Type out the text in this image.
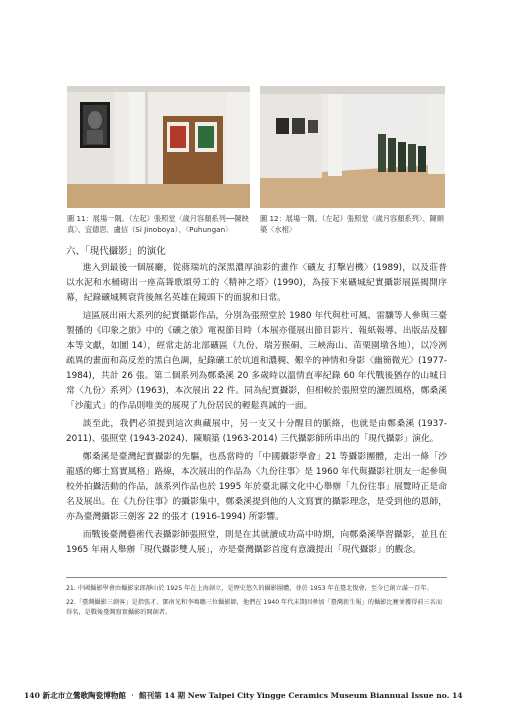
圖 11：展場一隅。（左起）張照堂〈歲月容顏系列──陳映真〉、宜德思．盧信（Si Jinoboya）、〈Puhungan〉
圖 12：展場一隅。（左起）張照堂〈歲月容顏系列〉、陳順築〈水相〉
六、「現代攝影」的演化

進入到最後一個展廳，從蔣瑞坑的深黑濃厚油彩的畫作〈礦友 打擊岩機〉(1989)，以及莊普以水泥和水桶砌出一座高聳歌頌勞工的〈精神之塔〉(1990)，為接下來礦城紀實攝影展區揭開序幕，紀錄礦城興衰背後無名英雄在鏡頭下的面貌和日常。

這區展出兩大系列的紀實攝影作品，分別為張照堂於 1980 年代與杜可風、雷驤等人參與三臺製播的《印象之旅》中的《礦之旅》電視節目時（本展亦僅展出節目影片、報紙報導、出版品及腳本等文獻，如圖 14），經常走訪北部礦區（九份、瑞芳猴硐、三峽海山、苗栗園墩各地），以冷冽疏異的畫面和高反差的黑白色調，紀錄礦工於坑道和濃稠、艱辛的神情和身影〈幽簡微光〉(1977-1984)，共計 26 張。第二個系列為鄭桑溪 20 多歲時以溫情直率紀錄 60 年代戰後猶存的山城日常〈九份〉系列〉(1963)，本次展出 22 件。同為紀實攝影，但相較於張照堂的灑烈風格，鄭桑溪「沙龍式」的作品則唯美的展現了九份居民的輕鬆真誠的一面。

談至此，我們必須提到這次典藏展中，另一支又十分醒目的脈絡，也就是由鄭桑溪 (1937-2011)、張照堂 (1943-2024)、陳順築 (1963-2014) 三代攝影師所串出的「現代攝影」演化。

鄭桑溪是臺灣紀實攝影的先驅，也爲當時的「中國攝影學會」21 等攝影團體，走出一條「沙龍感的鄉土寫實風格」路線，本次展出的作品為〈九份往事〉是 1960 年代與攝影社朋友一起參與校外拍攝活動的作品，該系列作品也於 1995 年於臺北縣文化中心舉辦「九份往事」展覽時正是命名及展出。在《九份往事》的攝影集中，鄭桑溪提到他的人文寫實的攝影理念，是受到他的恩師，亦為臺灣攝影三劍客 22 的張才 (1916-1994) 所影響。

而戰後臺灣藝術代表攝影師張照堂，則是在其就讀成功高中時期，向鄭桑溪學習攝影，並且在 1965 年兩人舉辦「現代攝影雙人展」，亦是臺灣攝影首度有意識提出「現代攝影」的觀念。

21. 中國攝影學會由攝影家郎靜山於 1925 年在上海創立，是歷史悠久的攝影團體，並於 1953 年在臺北復會，至今已創立滿一百年。

22.「臺灣攝影三劍客」是指張才、鄧南光和李鳴鵰三位攝影師，他們在 1940 年代末期因參加「臺灣新生報」的攝影比賽並獲得前三名而得名，是戰後臺灣寫實攝影的開創者。

140 新北市立鶯歌陶瓷博物館 ‧ 館刊第 14 期 New Taipei City Yingge Ceramics Museum Biannual Issue no. 14
